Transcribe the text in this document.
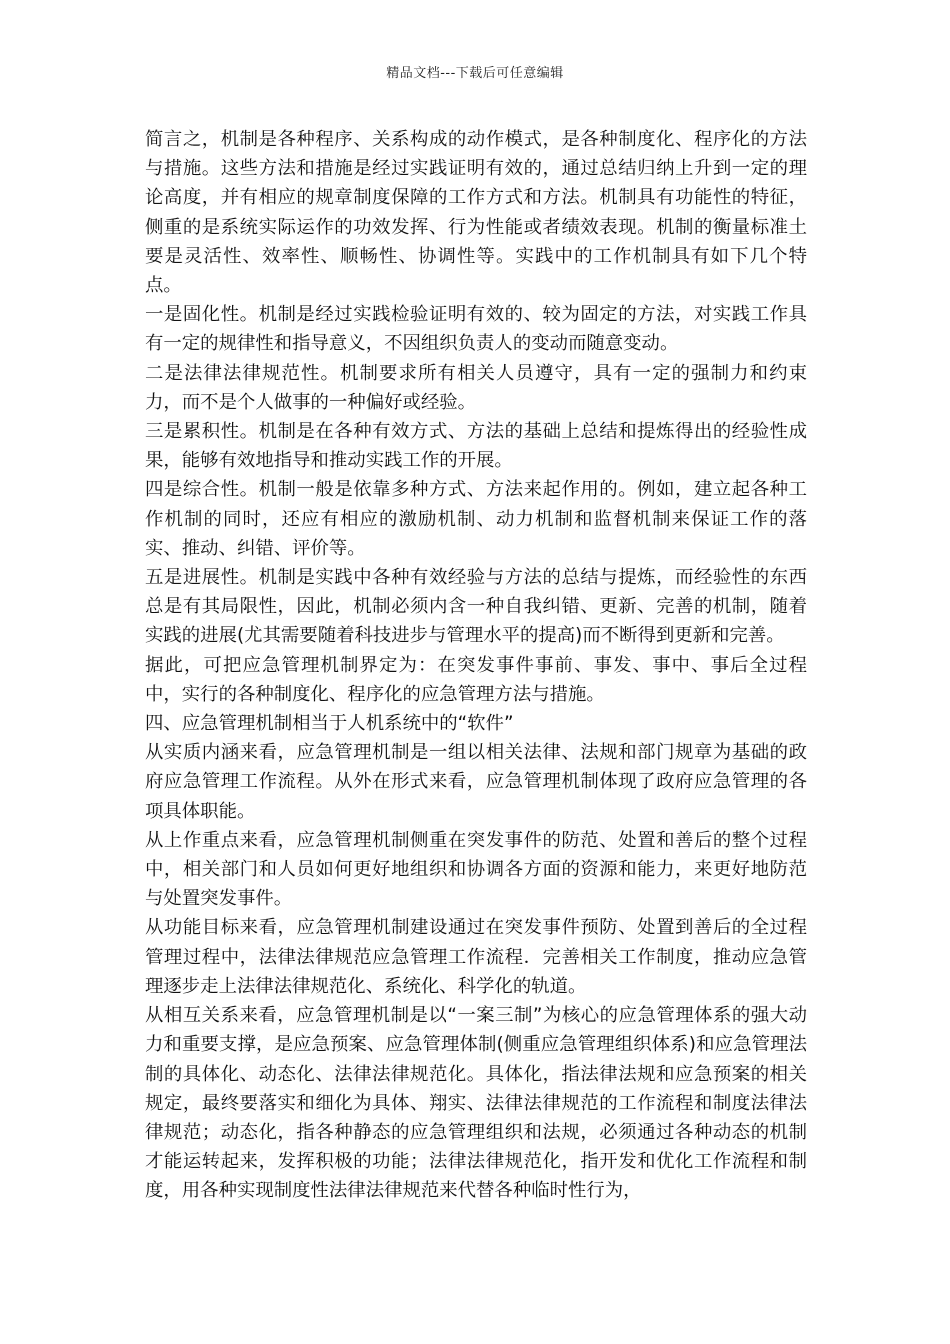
精品文档---下载后可任意编辑

简言之，机制是各种程序、关系构成的动作模式，是各种制度化、程序化的方法与措施。这些方法和措施是经过实践证明有效的，通过总结归纳上升到一定的理论高度，并有相应的规章制度保障的工作方式和方法。机制具有功能性的特征，侧重的是系统实际运作的功效发挥、行为性能或者绩效表现。机制的衡量标准土要是灵活性、效率性、顺畅性、协调性等。实践中的工作机制具有如下几个特点。

一是固化性。机制是经过实践检验证明有效的、较为固定的方法，对实践工作具有一定的规律性和指导意义，不因组织负责人的变动而随意变动。

二是法律法律规范性。机制要求所有相关人员遵守，具有一定的强制力和约束力，而不是个人做事的一种偏好或经验。

三是累积性。机制是在各种有效方式、方法的基础上总结和提炼得出的经验性成果，能够有效地指导和推动实践工作的开展。

四是综合性。机制一般是依靠多种方式、方法来起作用的。例如，建立起各种工作机制的同时，还应有相应的激励机制、动力机制和监督机制来保证工作的落实、推动、纠错、评价等。

五是进展性。机制是实践中各种有效经验与方法的总结与提炼，而经验性的东西总是有其局限性，因此，机制必须内含一种自我纠错、更新、完善的机制，随着实践的进展(尤其需要随着科技进步与管理水平的提高)而不断得到更新和完善。

据此，可把应急管理机制界定为：在突发事件事前、事发、事中、事后全过程中，实行的各种制度化、程序化的应急管理方法与措施。

四、应急管理机制相当于人机系统中的“软件”

从实质内涵来看，应急管理机制是一组以相关法律、法规和部门规章为基础的政府应急管理工作流程。从外在形式来看，应急管理机制体现了政府应急管理的各项具体职能。

从上作重点来看，应急管理机制侧重在突发事件的防范、处置和善后的整个过程中，相关部门和人员如何更好地组织和协调各方面的资源和能力，来更好地防范与处置突发事件。

从功能目标来看，应急管理机制建设通过在突发事件预防、处置到善后的全过程管理过程中，法律法律规范应急管理工作流程．完善相关工作制度，推动应急管理逐步走上法律法律规范化、系统化、科学化的轨道。

从相互关系来看，应急管理机制是以“一案三制”为核心的应急管理体系的强大动力和重要支撑，是应急预案、应急管理体制(侧重应急管理组织体系)和应急管理法制的具体化、动态化、法律法律规范化。具体化，指法律法规和应急预案的相关规定，最终要落实和细化为具体、翔实、法律法律规范的工作流程和制度法律法律规范；动态化，指各种静态的应急管理组织和法规，必须通过各种动态的机制才能运转起来，发挥积极的功能；法律法律规范化，指开发和优化工作流程和制度，用各种实现制度性法律法律规范来代替各种临时性行为，
